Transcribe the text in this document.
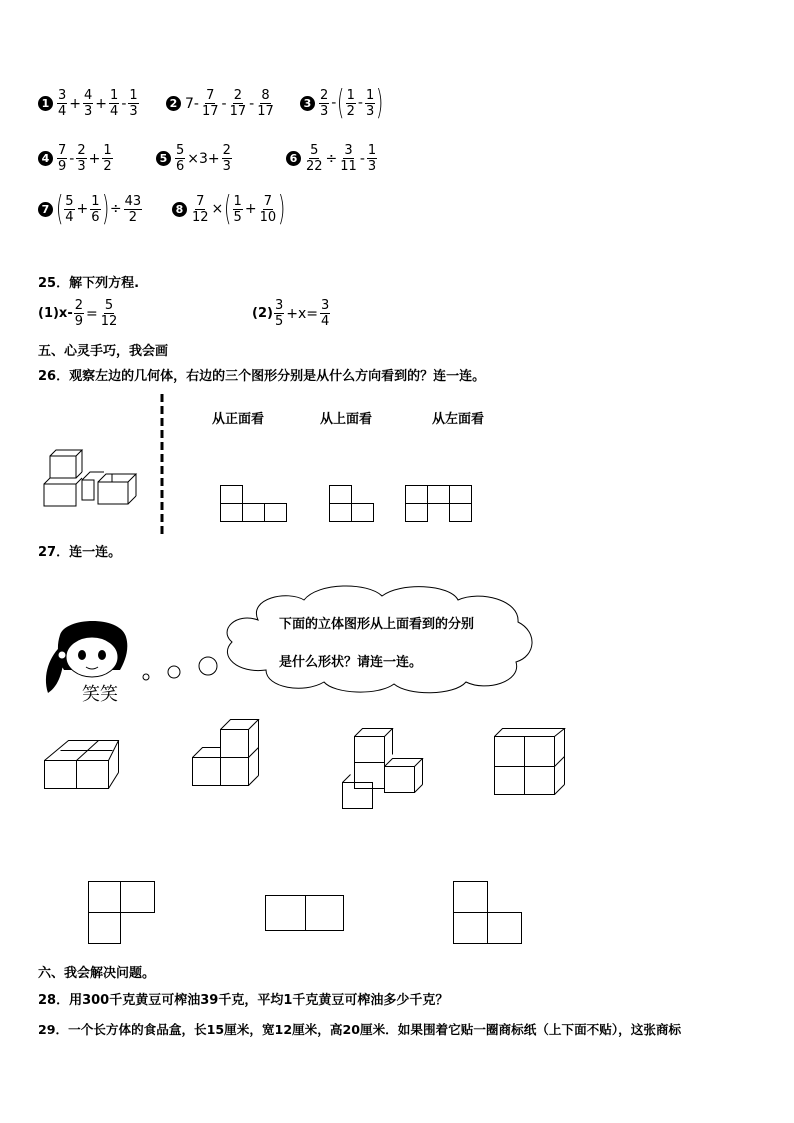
$1 \frac{3}{4} + \frac{4}{3} + \frac{1}{4} - \frac{1}{3}$	2 $7- \frac{7}{17} - \frac{2}{17} - \frac{8}{17}$	$3 \frac{2}{3}$ - ( $\frac{1}{2} - \frac{1}{3}$ )
$4 \frac{7}{9} - \frac{2}{3} + \frac{1}{2}$	$5 \frac{5}{6} \times 3+ \frac{2}{3}$	$6 \frac{5}{22} \div \frac{3}{11} - \frac{1}{3}$
7 ( $\frac{5}{4} + \frac{1}{6}$ ) ÷ $\frac{43}{2}$	$8 \frac{7}{12}$ × ( $\frac{1}{5} + \frac{7}{10}$ )
25．解下列方程.
$(1)x- \frac{2}{9} = \frac{5}{12}$	$(2) \frac{3}{5} +x= \frac{3}{4}$
五、心灵手巧，我会画
26．观察左边的几何体，右边的三个图形分别是从什么方向看到的？连一连。
从正面看	从上面看	从左面看
27．连一连。
笑笑
下面的立体图形从上面看到的分别
是什么形状？请连一连。
六、我会解决问题。
28．用300千克黄豆可榨油39千克，平均1千克黄豆可榨油多少千克？
29．一个长方体的食品盒，长15厘米，宽12厘米，高20厘米．如果围着它贴一圈商标纸（上下面不贴），这张商标
